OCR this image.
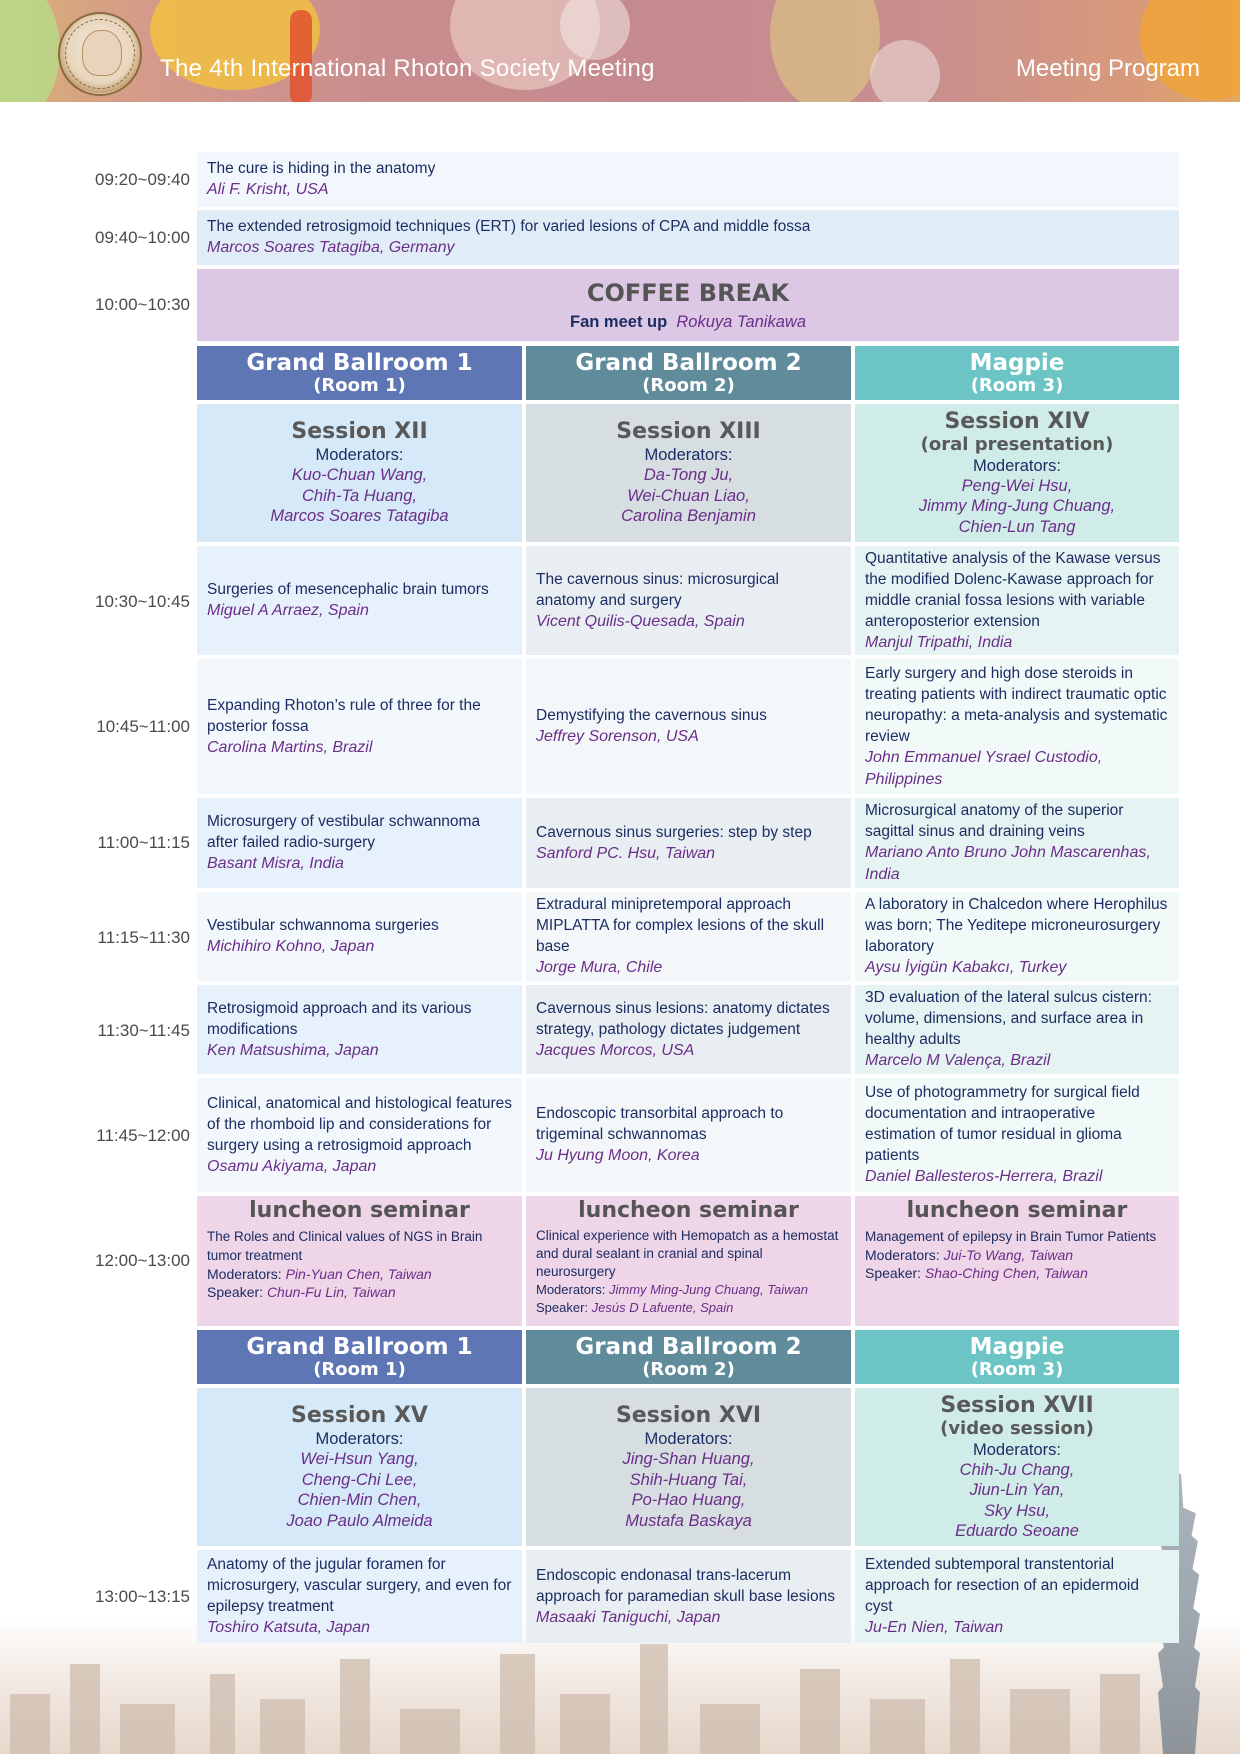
The 4th International Rhoton Society Meeting	Meeting Program
09:20~09:40
The cure is hiding in the anatomy
Ali F. Krisht, USA
09:40~10:00
The extended retrosigmoid techniques (ERT) for varied lesions of CPA and middle fossa
Marcos Soares Tatagiba, Germany
10:00~10:30	COFFEE BREAK
Fan meet up Rokuya Tanikawa
Grand Ballroom 1
(Room 1)
Grand Ballroom 2
(Room 2)
Magpie
(Room 3)
Session XII
Moderators:
Kuo-Chuan Wang,
Chih-Ta Huang,
Marcos Soares Tatagiba
Session XIII
Moderators:
Da-Tong Ju,
Wei-Chuan Liao,
Carolina Benjamin
Session XIV
(oral presentation)
Moderators:
Peng-Wei Hsu,
Jimmy Ming-Jung Chuang,
Chien-Lun Tang
10:30~10:45
Surgeries of mesencephalic brain tumors
Miguel A Arraez, Spain
The cavernous sinus: microsurgical anatomy and surgery
Vicent Quilis-Quesada, Spain
Quantitative analysis of the Kawase versus the modified Dolenc-Kawase approach for middle cranial fossa lesions with variable anteroposterior extension
Manjul Tripathi, India
10:45~11:00
Expanding Rhoton’s rule of three for the posterior fossa
Carolina Martins, Brazil
Demystifying the cavernous sinus
Jeffrey Sorenson, USA
Early surgery and high dose steroids in treating patients with indirect traumatic optic neuropathy: a meta-analysis and systematic review
John Emmanuel Ysrael Custodio, Philippines
11:00~11:15
Microsurgery of vestibular schwannoma after failed radio-surgery
Basant Misra, India
Cavernous sinus surgeries: step by step
Sanford PC. Hsu, Taiwan
Microsurgical anatomy of the superior sagittal sinus and draining veins
Mariano Anto Bruno John Mascarenhas, India
11:15~11:30
Vestibular schwannoma surgeries
Michihiro Kohno, Japan
Extradural minipretemporal approach MIPLATTA for complex lesions of the skull base
Jorge Mura, Chile
A laboratory in Chalcedon where Herophilus was born; The Yeditepe microneurosurgery laboratory
Aysu İyigün Kabakcı, Turkey
11:30~11:45
Retrosigmoid approach and its various modifications
Ken Matsushima, Japan
Cavernous sinus lesions: anatomy dictates strategy, pathology dictates judgement
Jacques Morcos, USA
3D evaluation of the lateral sulcus cistern: volume, dimensions, and surface area in healthy adults
Marcelo M Valença, Brazil
11:45~12:00
Clinical, anatomical and histological features of the rhomboid lip and considerations for surgery using a retrosigmoid approach
Osamu Akiyama, Japan
Endoscopic transorbital approach to trigeminal schwannomas
Ju Hyung Moon, Korea
Use of photogrammetry for surgical field documentation and intraoperative estimation of tumor residual in glioma patients
Daniel Ballesteros-Herrera, Brazil
12:00~13:00
luncheon seminar
The Roles and Clinical values of NGS in Brain tumor treatment
Moderators: Pin-Yuan Chen, Taiwan
Speaker: Chun-Fu Lin, Taiwan
luncheon seminar
Clinical experience with Hemopatch as a hemostat and dural sealant in cranial and spinal neurosurgery
Moderators: Jimmy Ming-Jung Chuang, Taiwan
Speaker: Jesús D Lafuente, Spain
luncheon seminar
Management of epilepsy in Brain Tumor Patients
Moderators: Jui-To Wang, Taiwan
Speaker: Shao-Ching Chen, Taiwan
Grand Ballroom 1
(Room 1)
Grand Ballroom 2
(Room 2)
Magpie
(Room 3)
Session XV
Moderators:
Wei-Hsun Yang,
Cheng-Chi Lee,
Chien-Min Chen,
Joao Paulo Almeida
Session XVI
Moderators:
Jing-Shan Huang,
Shih-Huang Tai,
Po-Hao Huang,
Mustafa Baskaya
Session XVII
(video session)
Moderators:
Chih-Ju Chang,
Jiun-Lin Yan,
Sky Hsu,
Eduardo Seoane
13:00~13:15
Anatomy of the jugular foramen for microsurgery, vascular surgery, and even for epilepsy treatment
Toshiro Katsuta, Japan
Endoscopic endonasal trans-lacerum approach for paramedian skull base lesions
Masaaki Taniguchi, Japan
Extended subtemporal transtentorial approach for resection of an epidermoid cyst
Ju-En Nien, Taiwan
